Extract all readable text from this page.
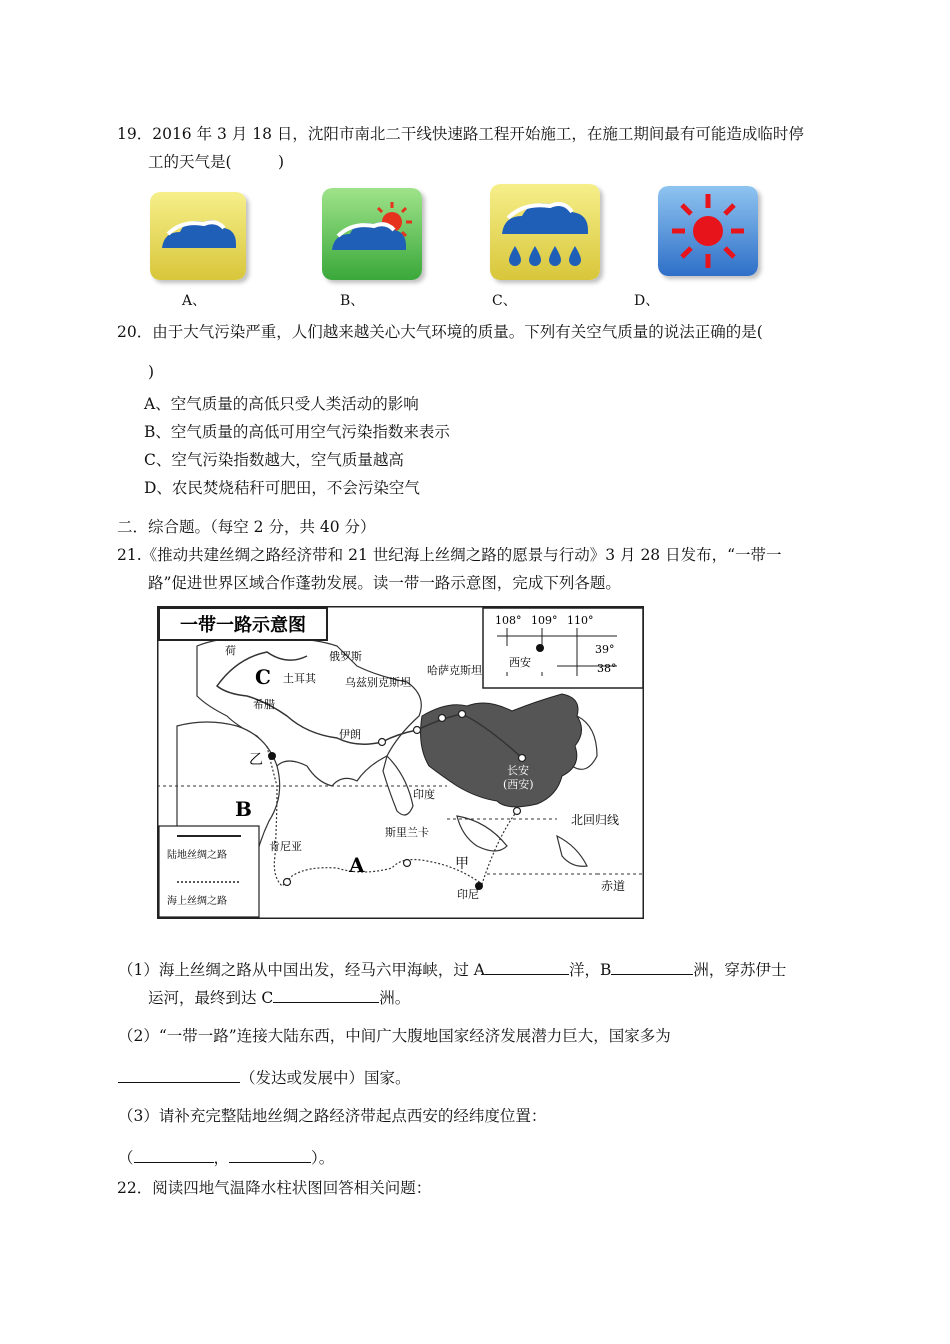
19．2016 年 3 月 18 日，沈阳市南北二干线快速路工程开始施工，在施工期间最有可能造成临时停
工的天气是(　　　)
A、	B、	C、	D、
20．由于大气污染严重，人们越来越关心大气环境的质量。下列有关空气质量的说法正确的是(
)
A、空气质量的高低只受人类活动的影响
B、空气质量的高低可用空气污染指数来表示
C、空气污染指数越大，空气质量越高
D、农民焚烧秸秆可肥田，不会污染空气
二．综合题。（每空 2 分，共 40 分）
21.《推动共建丝绸之路经济带和 21 世纪海上丝绸之路的愿景与行动》3 月 28 日发布，“一带一
路”促进世界区域合作蓬勃发展。读一带一路示意图，完成下列各题。
一带一路示意图	108° 109° 110°
39°
38°
西安
陆地丝绸之路
海上丝绸之路
C
B
A
乙
甲
荷
土耳其
希腊
俄罗斯
乌兹别克斯坦
哈萨克斯坦
伊朗
印度
斯里兰卡
肯尼亚
印尼
长安
(西安)
北回归线
赤道
（1）海上丝绸之路从中国出发，经马六甲海峡，过 A	洋，B	洲，穿苏伊士
运河，最终到达 C	洲。
（2）“一带一路”连接大陆东西，中间广大腹地国家经济发展潜力巨大，国家多为
（发达或发展中）国家。
（3）请补充完整陆地丝绸之路经济带起点西安的经纬度位置：
（	，	）。
22．阅读四地气温降水柱状图回答相关问题：
